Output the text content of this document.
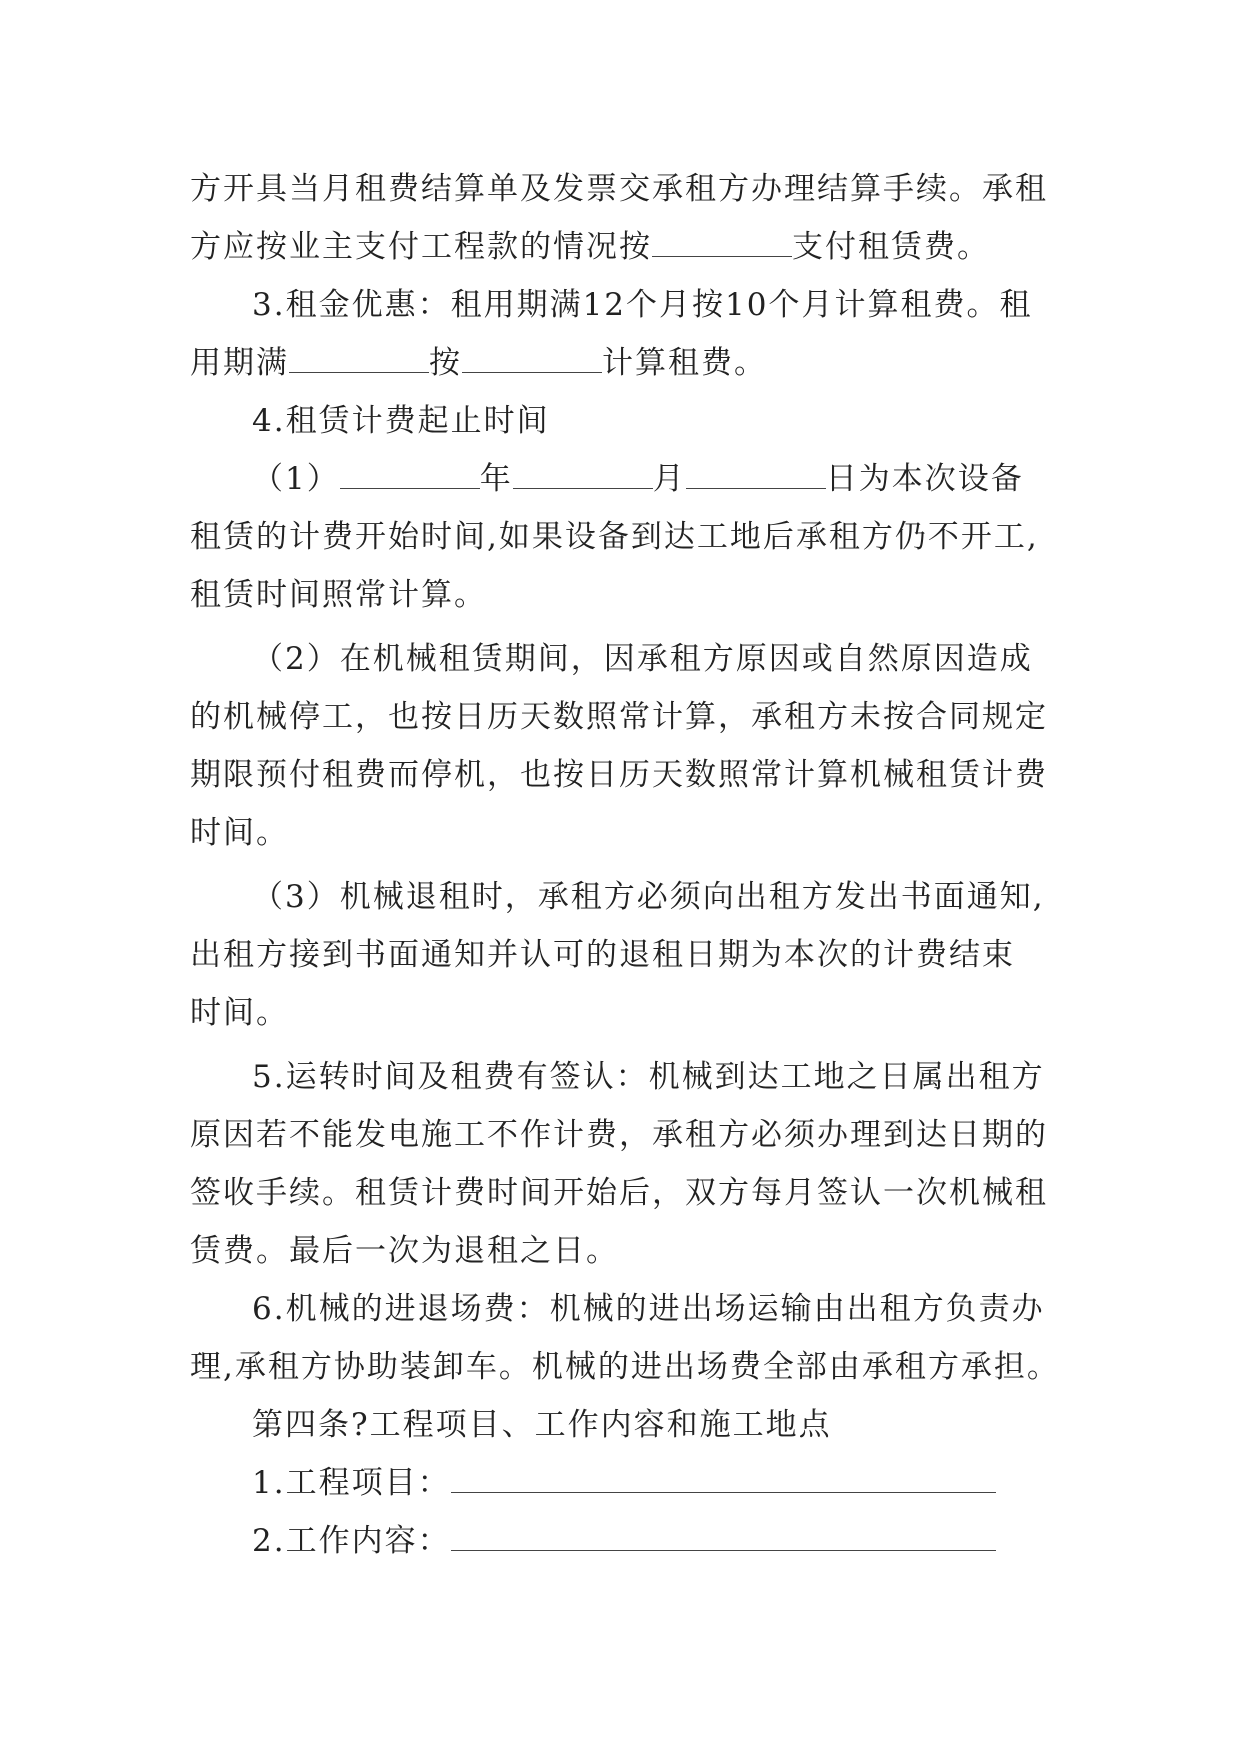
方开具当月租费结算单及发票交承租方办理结算手续。承租
方应按业主支付工程款的情况按	支付租赁费。

3.租金优惠：租用期满12个月按10个月计算租费。租
用期满	按	计算租费。

4.租赁计费起止时间

（1）	年	月	日为本次设备
租赁的计费开始时间,如果设备到达工地后承租方仍不开工,
租赁时间照常计算。

（2）在机械租赁期间，因承租方原因或自然原因造成
的机械停工，也按日历天数照常计算，承租方未按合同规定
期限预付租费而停机，也按日历天数照常计算机械租赁计费
时间。

（3）机械退租时，承租方必须向出租方发出书面通知,
出租方接到书面通知并认可的退租日期为本次的计费结束
时间。

5.运转时间及租费有签认：机械到达工地之日属出租方
原因若不能发电施工不作计费，承租方必须办理到达日期的
签收手续。租赁计费时间开始后，双方每月签认一次机械租
赁费。最后一次为退租之日。

6.机械的进退场费：机械的进出场运输由出租方负责办
理,承租方协助装卸车。机械的进出场费全部由承租方承担。

第四条?工程项目、工作内容和施工地点

1.工程项目：

2.工作内容：
